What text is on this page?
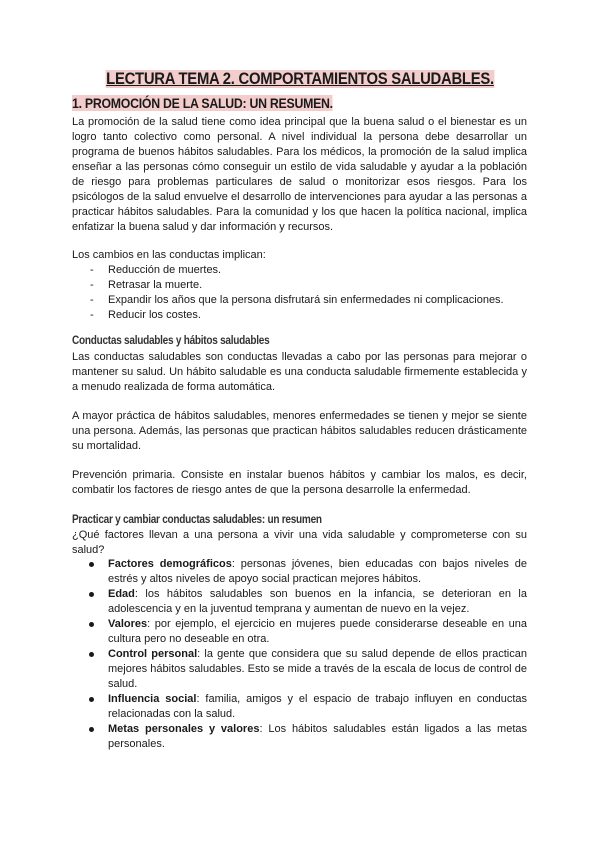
LECTURA TEMA 2. COMPORTAMIENTOS SALUDABLES.
1. PROMOCIÓN DE LA SALUD: UN RESUMEN.

La promoción de la salud tiene como idea principal que la buena salud o el bienestar es un logro tanto colectivo como personal. A nivel individual la persona debe desarrollar un programa de buenos hábitos saludables. Para los médicos, la promoción de la salud implica enseñar a las personas cómo conseguir un estilo de vida saludable y ayudar a la población de riesgo para problemas particulares de salud o monitorizar esos riesgos. Para los psicólogos de la salud envuelve el desarrollo de intervenciones para ayudar a las personas a practicar hábitos saludables. Para la comunidad y los que hacen la política nacional, implica enfatizar la buena salud y dar información y recursos.

Los cambios en las conductas implican:

- Reducción de muertes.
- Retrasar la muerte.
- Expandir los años que la persona disfrutará sin enfermedades ni complicaciones.
- Reducir los costes.
Conductas saludables y hábitos saludables

Las conductas saludables son conductas llevadas a cabo por las personas para mejorar o mantener su salud. Un hábito saludable es una conducta saludable firmemente establecida y a menudo realizada de forma automática.

A mayor práctica de hábitos saludables, menores enfermedades se tienen y mejor se siente una persona. Además, las personas que practican hábitos saludables reducen drásticamente su mortalidad.

Prevención primaria. Consiste en instalar buenos hábitos y cambiar los malos, es decir, combatir los factores de riesgo antes de que la persona desarrolle la enfermedad.

Practicar y cambiar conductas saludables: un resumen

¿Qué factores llevan a una persona a vivir una vida saludable y comprometerse con su salud?

Factores demográficos: personas jóvenes, bien educadas con bajos niveles de estrés y altos niveles de apoyo social practican mejores hábitos.
Edad: los hábitos saludables son buenos en la infancia, se deterioran en la adolescencia y en la juventud temprana y aumentan de nuevo en la vejez.
Valores: por ejemplo, el ejercicio en mujeres puede considerarse deseable en una cultura pero no deseable en otra.
Control personal: la gente que considera que su salud depende de ellos practican mejores hábitos saludables. Esto se mide a través de la escala de locus de control de salud.
Influencia social: familia, amigos y el espacio de trabajo influyen en conductas relacionadas con la salud.
Metas personales y valores: Los hábitos saludables están ligados a las metas personales.
